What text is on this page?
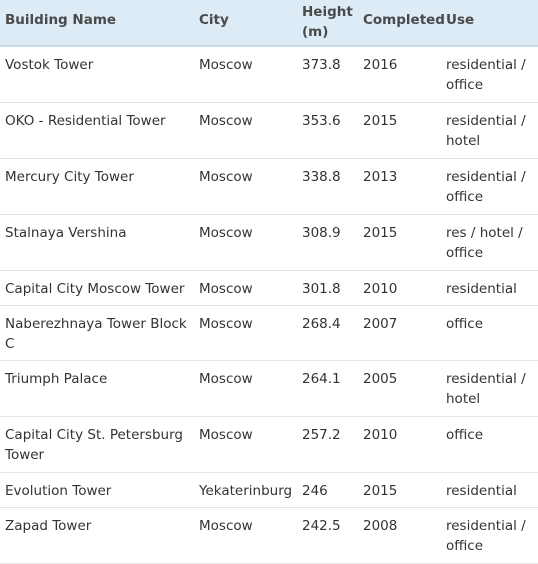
Building Name	City	Height (m)	Completed	Use
Vostok Tower	Moscow	373.8	2016	residential / office
OKO - Residential Tower	Moscow	353.6	2015	residential / hotel
Mercury City Tower	Moscow	338.8	2013	residential / office
Stalnaya Vershina	Moscow	308.9	2015	res / hotel / office
Capital City Moscow Tower	Moscow	301.8	2010	residential
Naberezhnaya Tower Block C	Moscow	268.4	2007	office
Triumph Palace	Moscow	264.1	2005	residential / hotel
Capital City St. Petersburg Tower	Moscow	257.2	2010	office
Evolution Tower	Yekaterinburg	246	2015	residential
Zapad Tower	Moscow	242.5	2008	residential / office
